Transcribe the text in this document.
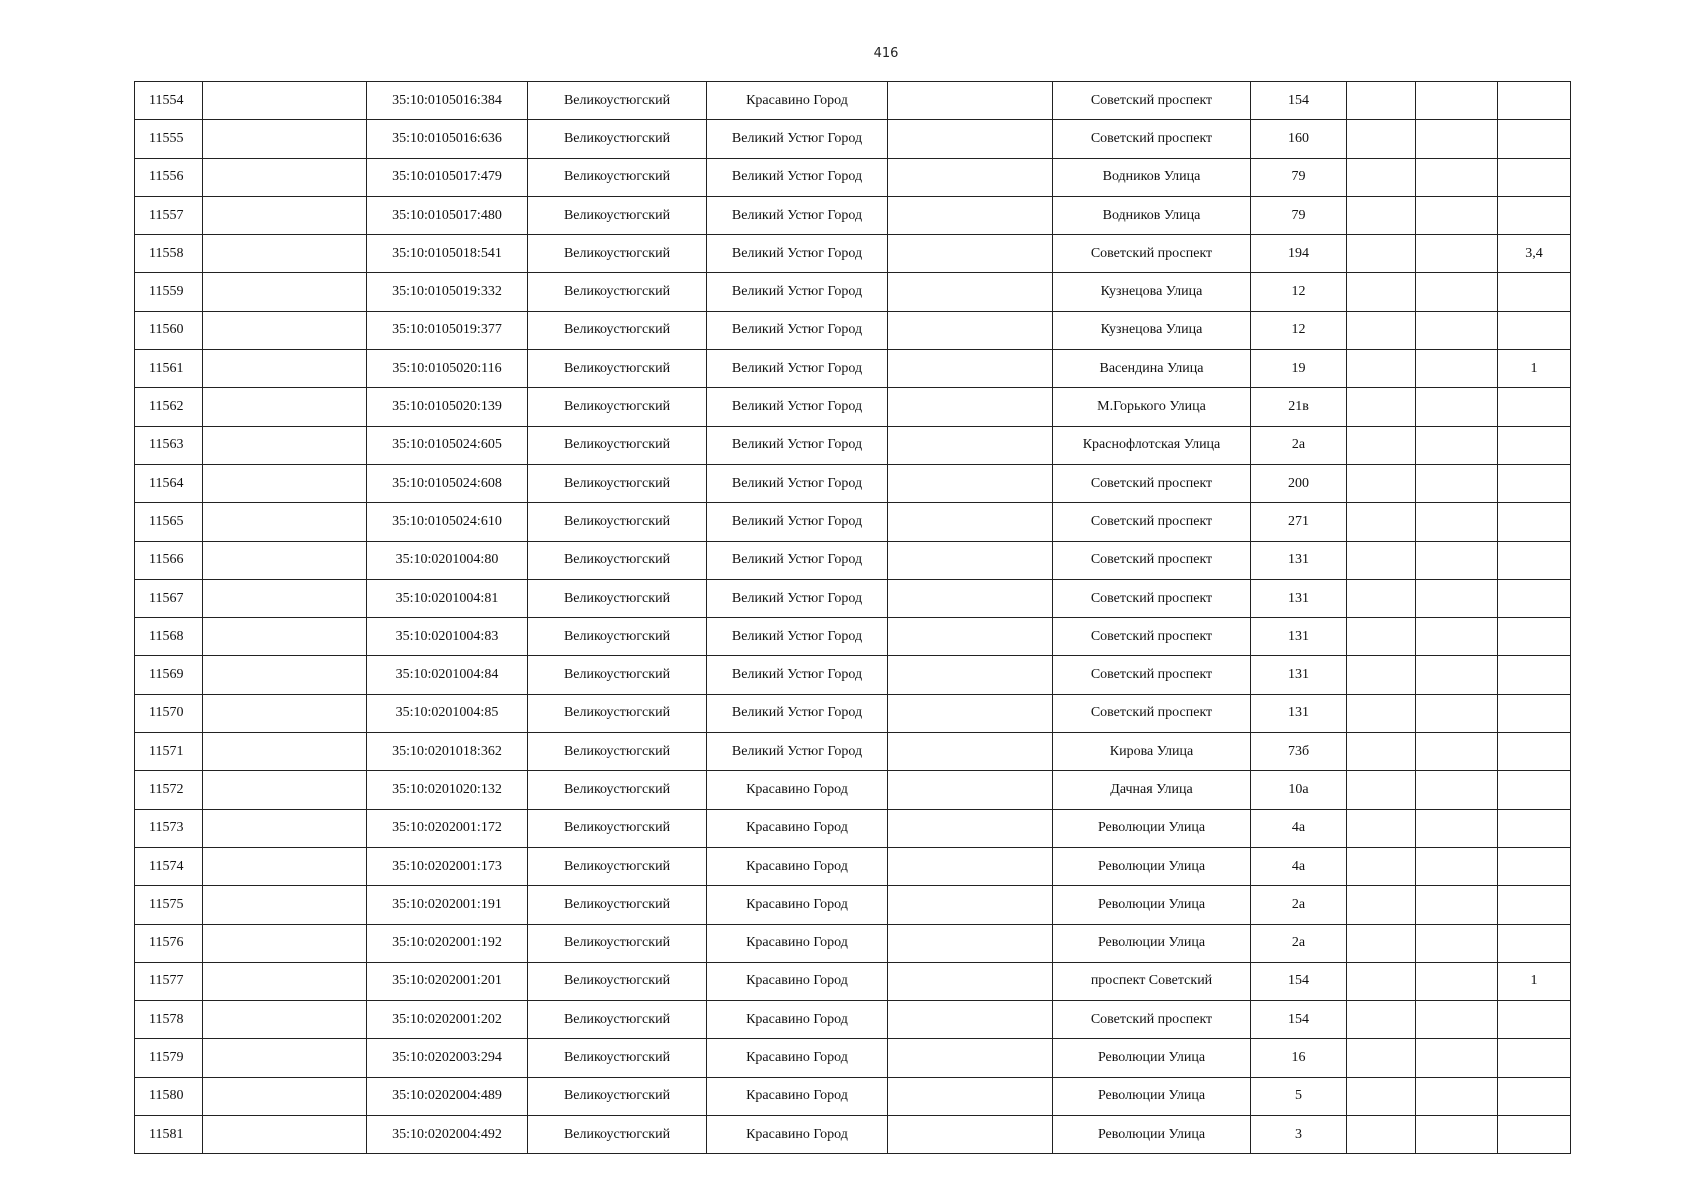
416
11554		35:10:0105016:384	Великоустюгский	Красавино Город		Советский проспект	154			
11555		35:10:0105016:636	Великоустюгский	Великий Устюг Город		Советский проспект	160			
11556		35:10:0105017:479	Великоустюгский	Великий Устюг Город		Водников Улица	79			
11557		35:10:0105017:480	Великоустюгский	Великий Устюг Город		Водников Улица	79			
11558		35:10:0105018:541	Великоустюгский	Великий Устюг Город		Советский проспект	194			3,4
11559		35:10:0105019:332	Великоустюгский	Великий Устюг Город		Кузнецова Улица	12			
11560		35:10:0105019:377	Великоустюгский	Великий Устюг Город		Кузнецова Улица	12			
11561		35:10:0105020:116	Великоустюгский	Великий Устюг Город		Васендина Улица	19			1
11562		35:10:0105020:139	Великоустюгский	Великий Устюг Город		М.Горького Улица	21в			
11563		35:10:0105024:605	Великоустюгский	Великий Устюг Город		Краснофлотская Улица	2а			
11564		35:10:0105024:608	Великоустюгский	Великий Устюг Город		Советский проспект	200			
11565		35:10:0105024:610	Великоустюгский	Великий Устюг Город		Советский проспект	271			
11566		35:10:0201004:80	Великоустюгский	Великий Устюг Город		Советский проспект	131			
11567		35:10:0201004:81	Великоустюгский	Великий Устюг Город		Советский проспект	131			
11568		35:10:0201004:83	Великоустюгский	Великий Устюг Город		Советский проспект	131			
11569		35:10:0201004:84	Великоустюгский	Великий Устюг Город		Советский проспект	131			
11570		35:10:0201004:85	Великоустюгский	Великий Устюг Город		Советский проспект	131			
11571		35:10:0201018:362	Великоустюгский	Великий Устюг Город		Кирова Улица	73б			
11572		35:10:0201020:132	Великоустюгский	Красавино Город		Дачная Улица	10а			
11573		35:10:0202001:172	Великоустюгский	Красавино Город		Революции Улица	4а			
11574		35:10:0202001:173	Великоустюгский	Красавино Город		Революции Улица	4а			
11575		35:10:0202001:191	Великоустюгский	Красавино Город		Революции Улица	2а			
11576		35:10:0202001:192	Великоустюгский	Красавино Город		Революции Улица	2а			
11577		35:10:0202001:201	Великоустюгский	Красавино Город		проспект Советский	154			1
11578		35:10:0202001:202	Великоустюгский	Красавино Город		Советский проспект	154			
11579		35:10:0202003:294	Великоустюгский	Красавино Город		Революции Улица	16			
11580		35:10:0202004:489	Великоустюгский	Красавино Город		Революции Улица	5			
11581		35:10:0202004:492	Великоустюгский	Красавино Город		Революции Улица	3			
